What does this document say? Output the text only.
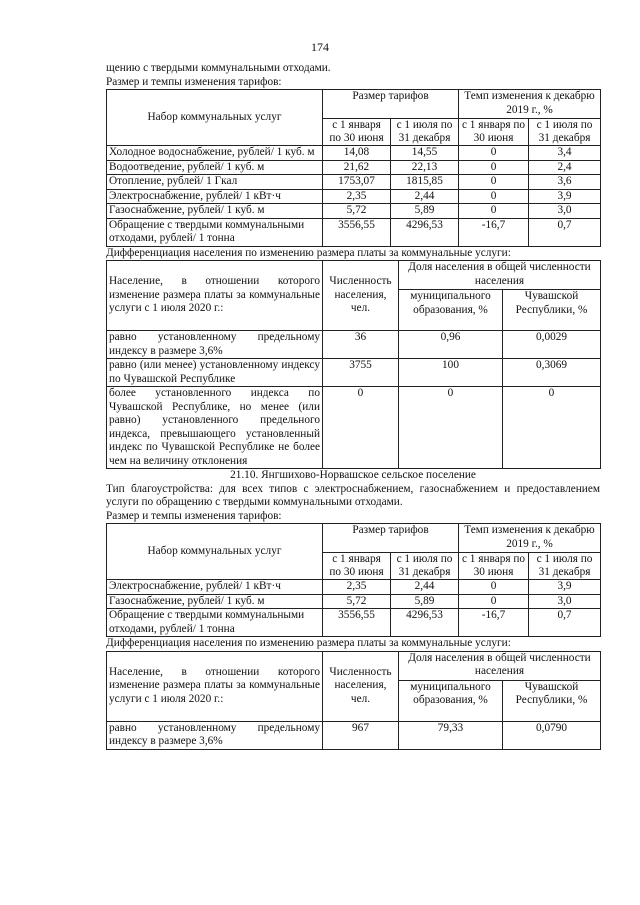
174

щению с твердыми коммунальными отходами.

Размер и темпы изменения тарифов:

Набор коммунальных услуг	Размер тарифов		Темп изменения к декабрю 2019 г., %	
	с 1 января по 30 июня	с 1 июля по 31 декабря	с 1 января по 30 июня	с 1 июля по 31 декабря
Холодное водоснабжение, рублей/ 1 куб. м	14,08	14,55	0	3,4
Водоотведение, рублей/ 1 куб. м	21,62	22,13	0	2,4
Отопление, рублей/ 1 Гкал	1753,07	1815,85	0	3,6
Электроснабжение, рублей/ 1 кВт·ч	2,35	2,44	0	3,9
Газоснабжение, рублей/ 1 куб. м	5,72	5,89	0	3,0
Обращение с твердыми коммунальными отходами, рублей/ 1 тонна	3556,55	4296,53	-16,7	0,7

Дифференциация населения по изменению размера платы за коммунальные услуги:

Население, в отношении которого изменение размера платы за коммунальные услуги с 1 июля 2020 г.:	Численность населения, чел.	Доля населения в общей численности населения	
		муниципального образования, %	Чувашской Республики, %
равно установленному предельному индексу в размере 3,6%	36	0,96	0,0029
равно (или менее) установленному индексу по Чувашской Республике	3755	100	0,3069
более установленного индекса по Чувашской Республике, но менее (или равно) установленного предельного индекса, превышающего установленный индекс по Чувашской Республике не более чем на величину отклонения	0	0	0

21.10. Янгшихово-Норвашское сельское поселение

Тип благоустройства: для всех типов с электроснабжением, газоснабжением и предоставлением услуги по обращению с твердыми коммунальными отходами.

Размер и темпы изменения тарифов:

Набор коммунальных услуг	Размер тарифов		Темп изменения к декабрю 2019 г., %	
	с 1 января по 30 июня	с 1 июля по 31 декабря	с 1 января по 30 июня	с 1 июля по 31 декабря
Электроснабжение, рублей/ 1 кВт·ч	2,35	2,44	0	3,9
Газоснабжение, рублей/ 1 куб. м	5,72	5,89	0	3,0
Обращение с твердыми коммунальными отходами, рублей/ 1 тонна	3556,55	4296,53	-16,7	0,7

Дифференциация населения по изменению размера платы за коммунальные услуги:

Население, в отношении которого изменение размера платы за коммунальные услуги с 1 июля 2020 г.:	Численность населения, чел.	Доля населения в общей численности населения	
		муниципального образования, %	Чувашской Республики, %
равно установленному предельному индексу в размере 3,6%	967	79,33	0,0790
